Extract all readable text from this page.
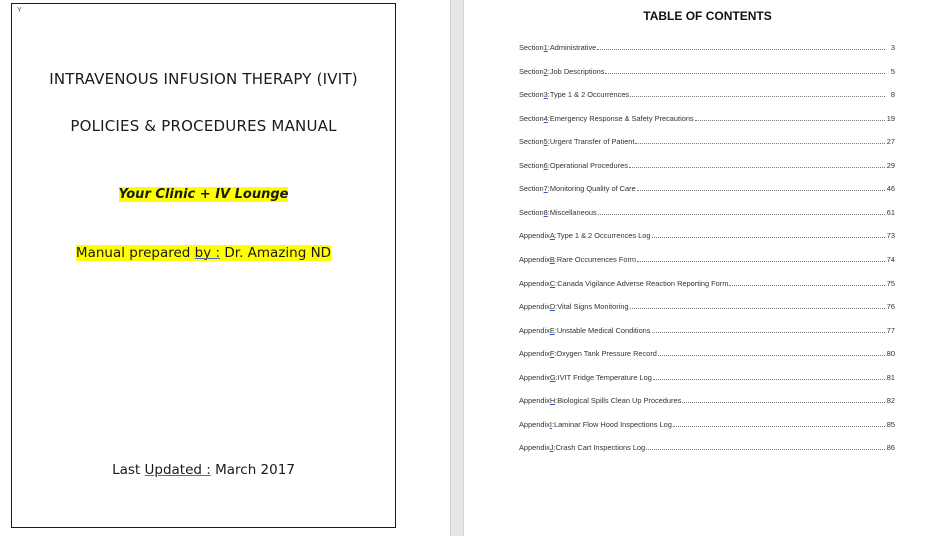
Y
INTRAVENOUS INFUSION THERAPY (IVIT)
POLICIES & PROCEDURES MANUAL
Your Clinic + IV Lounge
Manual prepared by : Dr. Amazing ND
Last Updated : March 2017
TABLE OF CONTENTS
Section 1 : Administrative	3
Section 2 : Job Descriptions	5
Section 3 : Type 1 & 2 Occurrences	8
Section 4 : Emergency Response & Safety Precautions	19
Section 5 : Urgent Transfer of Patient	27
Section 6 : Operational Procedures	29
Section 7 : Monitoring Quality of Care	46
Section 8 : Miscellaneous	61
Appendix A : Type 1 & 2 Occurrences Log	73
Appendix B : Rare Occurrences Form	74
Appendix C : Canada Vigilance Adverse Reaction Reporting Form	75
Appendix D : Vital Signs Monitoring	76
Appendix E : Unstable Medical Conditions	77
Appendix F : Oxygen Tank Pressure Record	80
Appendix G : IVIT Fridge Temperature Log	81
Appendix H : Biological Spills Clean Up Procedures	82
Appendix I : Laminar Flow Hood Inspections Log	85
Appendix J : Crash Cart Inspections Log	86
